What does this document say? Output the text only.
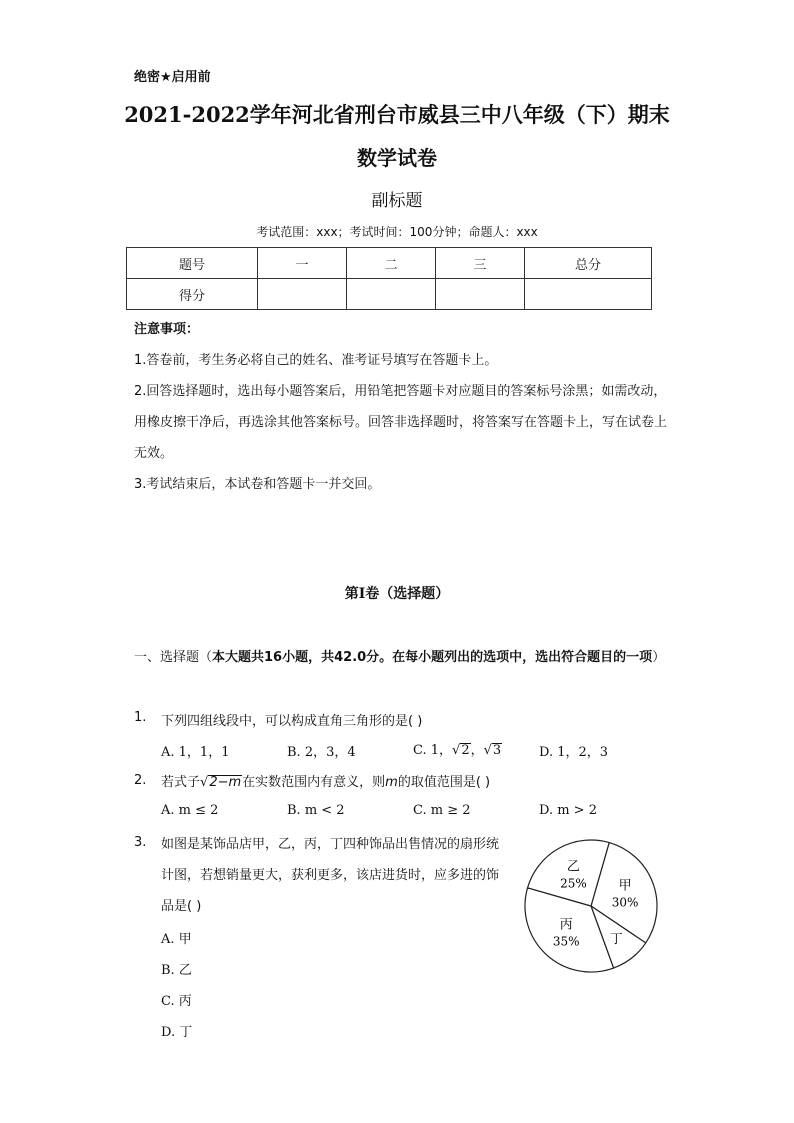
绝密★启用前
2021-2022学年河北省刑台市威县三中八年级（下）期末
数学试卷
副标题
考试范围：xxx；考试时间：100分钟；命题人：xxx
题号	一	二	三	总分
得分				
注意事项：
1.答卷前，考生务必将自己的姓名、准考证号填写在答题卡上。
2.回答选择题时，选出每小题答案后，用铅笔把答题卡对应题目的答案标号涂黑；如需改动，用橡皮擦干净后，再选涂其他答案标号。回答非选择题时，将答案写在答题卡上，写在试卷上无效。
3.考试结束后，本试卷和答题卡一并交回。
第I卷（选择题）
一、选择题（本大题共16小题，共42.0分。在每小题列出的选项中，选出符合题目的一项）
1. 下列四组线段中，可以构成直角三角形的是( )
A. 1，1，1	B. 2，3，4	C. 1，√2，√3	D. 1，2，3
2. 若式子√2−m在实数范围内有意义，则m的取值范围是( )
A. m ≤ 2	B. m < 2	C. m ≥ 2	D. m > 2
3. 如图是某饰品店甲，乙，丙，丁四种饰品出售情况的扇形统计图，若想销量更大，获利更多，该店进货时，应多进的饰品是( )
A. 甲
B. 乙
C. 丙
D. 丁
甲
30%
丁
丙
35%
乙
25%
